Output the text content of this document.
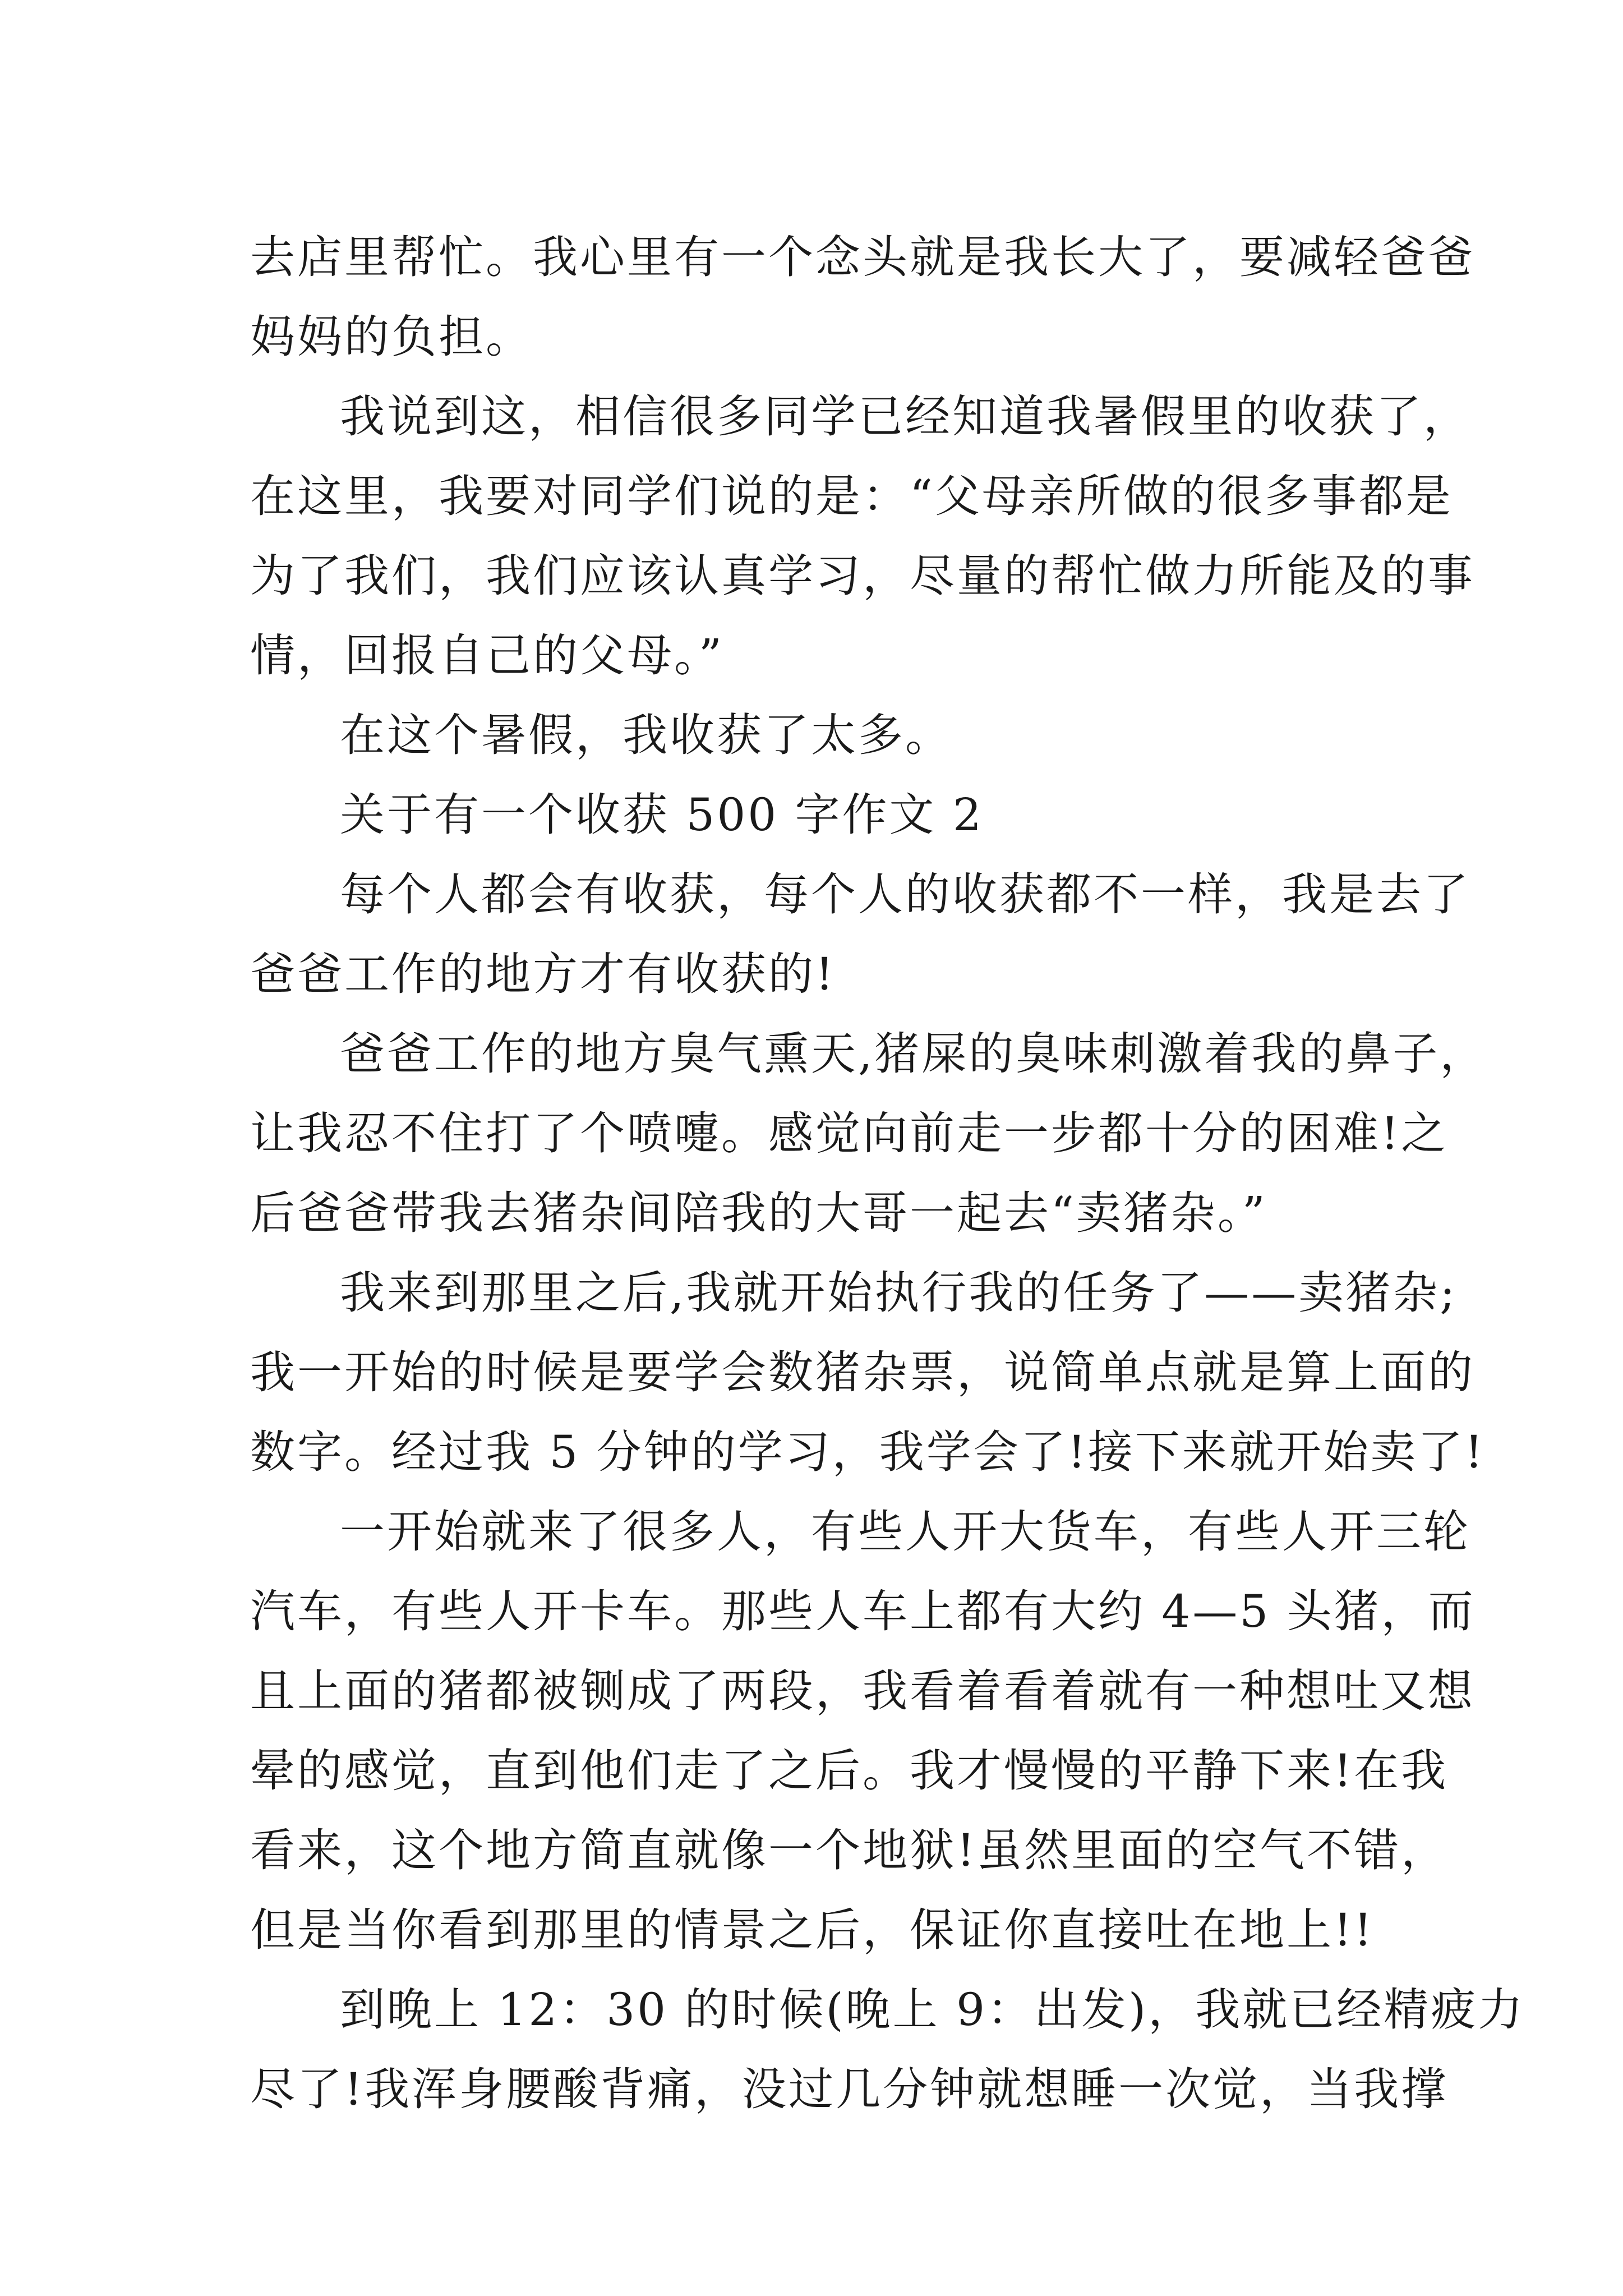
去店里帮忙。我心里有一个念头就是我长大了，要减轻爸爸
妈妈的负担。
我说到这，相信很多同学已经知道我暑假里的收获了，
在这里，我要对同学们说的是：“父母亲所做的很多事都是
为了我们，我们应该认真学习，尽量的帮忙做力所能及的事
情，回报自己的父母。”
在这个暑假，我收获了太多。
关于有一个收获 500 字作文 2
每个人都会有收获，每个人的收获都不一样，我是去了
爸爸工作的地方才有收获的!
爸爸工作的地方臭气熏天,猪屎的臭味刺激着我的鼻子，
让我忍不住打了个喷嚏。感觉向前走一步都十分的困难!之
后爸爸带我去猪杂间陪我的大哥一起去“卖猪杂。”
我来到那里之后,我就开始执行我的任务了——卖猪杂;
我一开始的时候是要学会数猪杂票，说简单点就是算上面的
数字。经过我 5 分钟的学习，我学会了!接下来就开始卖了!
一开始就来了很多人，有些人开大货车，有些人开三轮
汽车，有些人开卡车。那些人车上都有大约 4—5 头猪，而
且上面的猪都被铡成了两段，我看着看着就有一种想吐又想
晕的感觉，直到他们走了之后。我才慢慢的平静下来!在我
看来，这个地方简直就像一个地狱!虽然里面的空气不错，
但是当你看到那里的情景之后，保证你直接吐在地上!!
到晚上 12：30 的时候(晚上 9：出发)，我就已经精疲力
尽了!我浑身腰酸背痛，没过几分钟就想睡一次觉，当我撑
